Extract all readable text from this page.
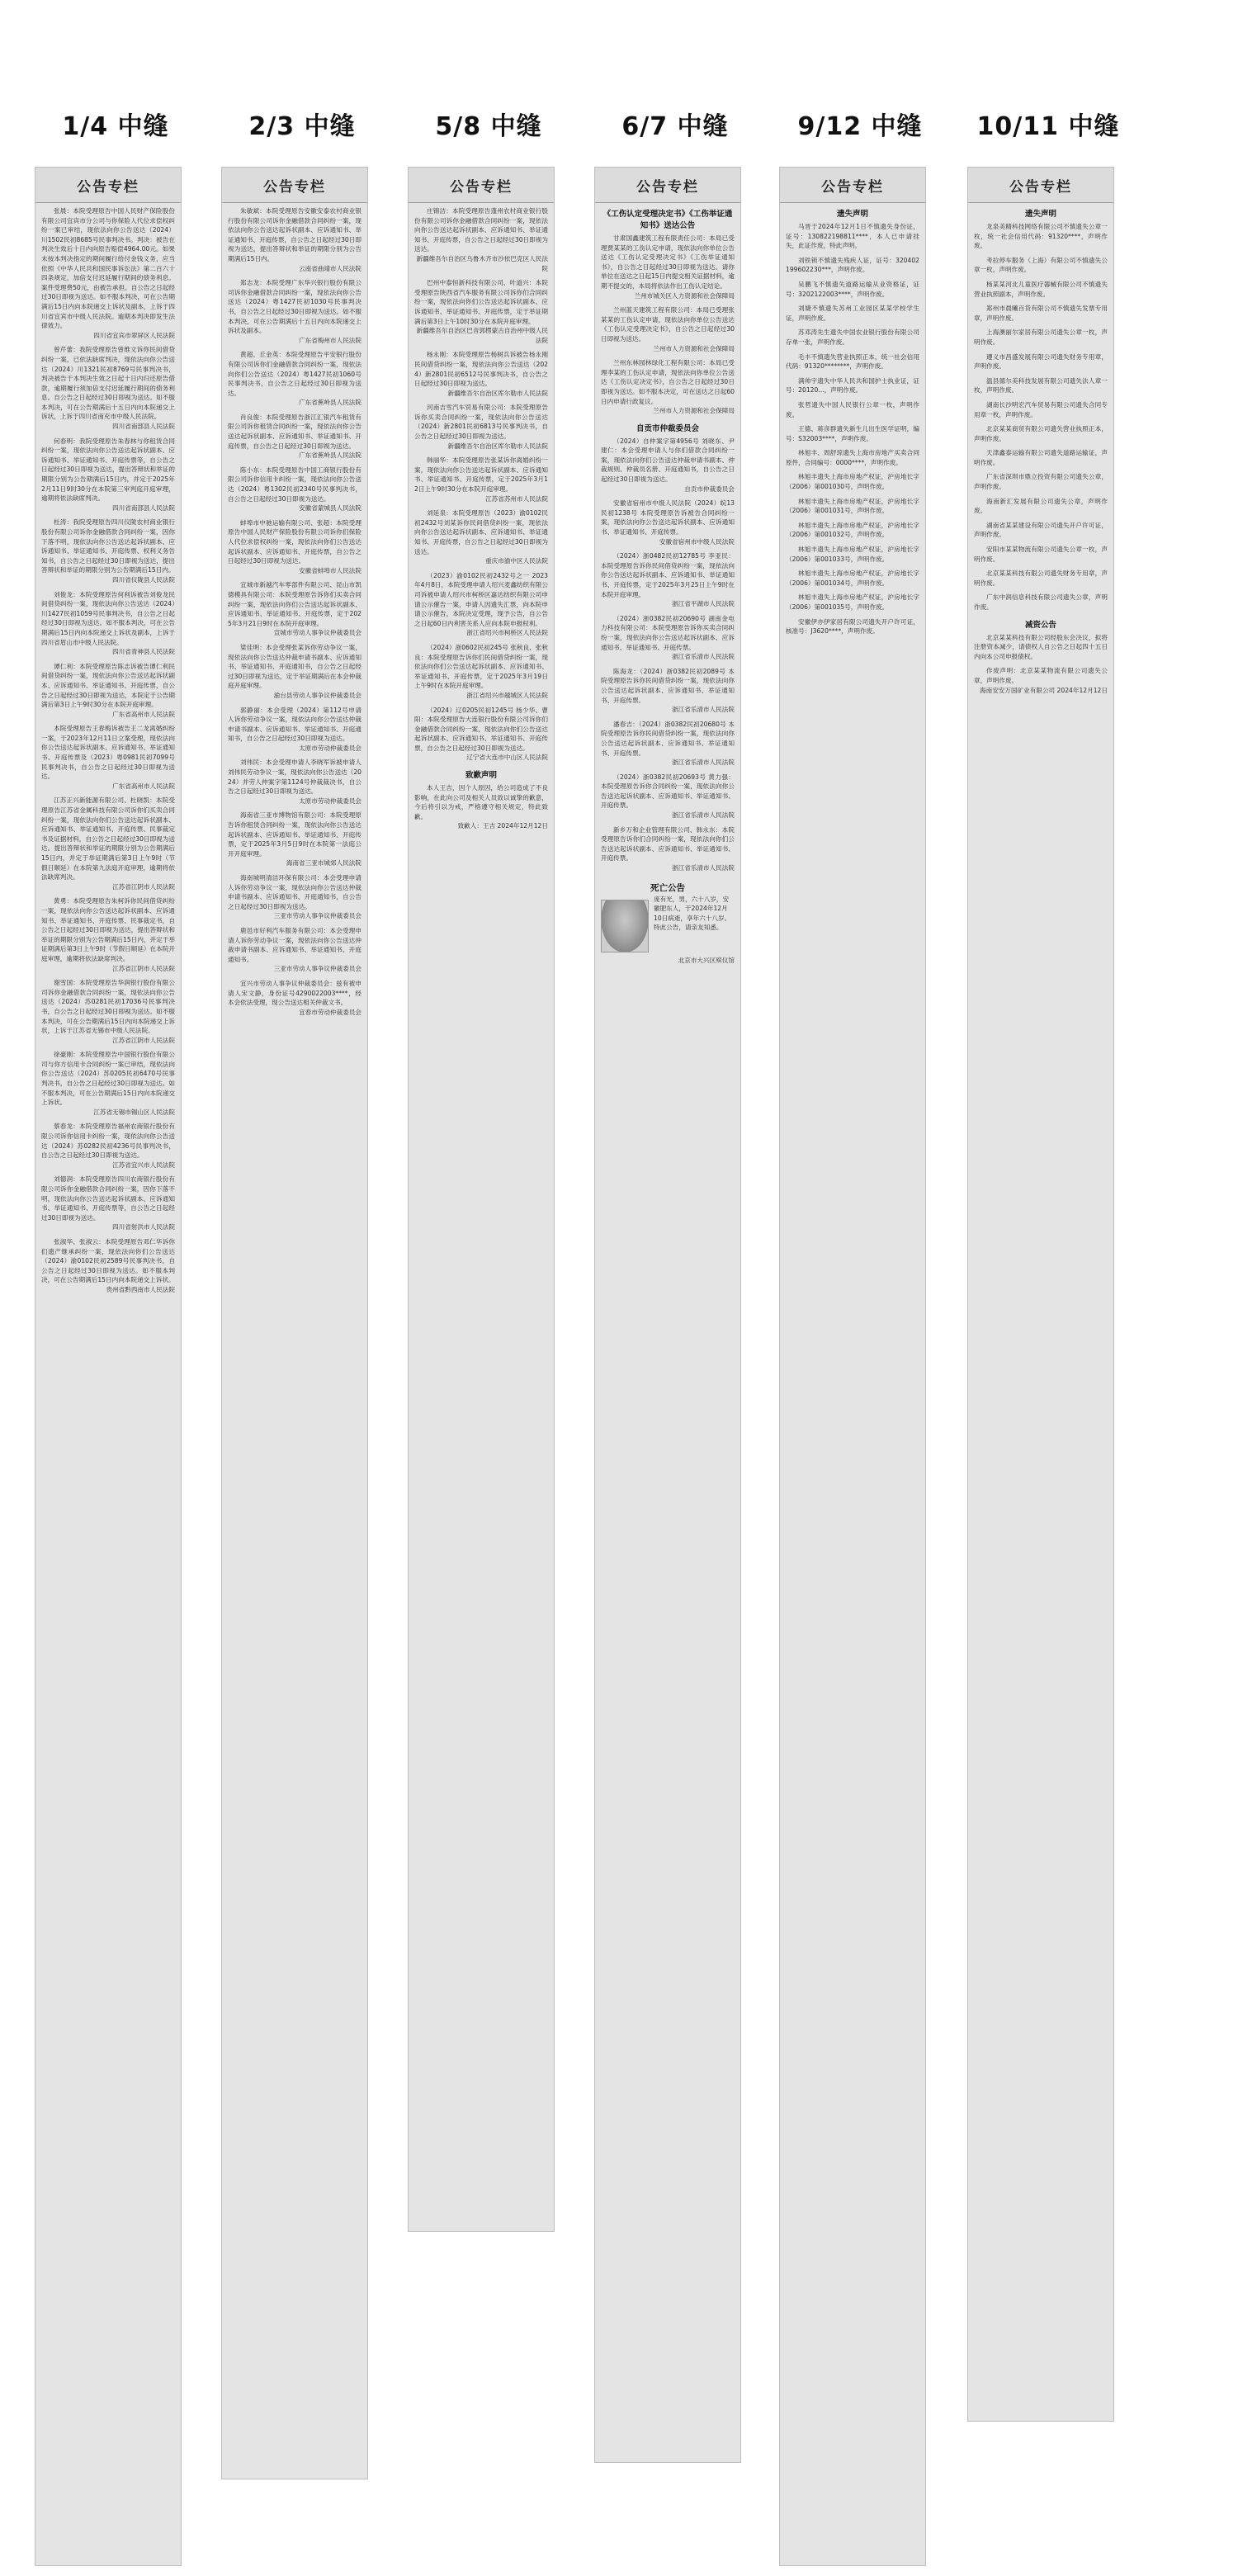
1/4 中缝
公告专栏
张晨：本院受理原告中国人民财产保险股份有限公司宜宾市分公司与你保险人代位求偿权纠纷一案已审结，现依法向你公告送达（2024）川1502民初8685号民事判决书。判决：被告在判决生效后十日内向原告赔偿4964.00元。如果未按本判决指定的期间履行给付金钱义务，应当依照《中华人民共和国民事诉讼法》第二百六十四条规定，加倍支付迟延履行期间的债务利息。案件受理费50元，由被告承担。自公告之日起经过30日即视为送达。如不服本判决，可在公告期满后15日内向本院递交上诉状及副本，上诉于四川省宜宾市中级人民法院。逾期本判决即发生法律效力。
四川省宜宾市翠屏区人民法院
曾芹蕾：我院受理原告曾维文诉你民间借贷纠纷一案，已依法缺席判决，现依法向你公告送达（2024）川1321民初8769号民事判决书，判决被告于本判决生效之日起十日内归还原告借款，逾期履行须加倍支付迟延履行期间的债务利息。自公告之日起经过30日即视为送达。如不服本判决，可在公告期满后十五日内向本院递交上诉状，上诉于四川省南充市中级人民法院。
四川省南部县人民法院
何春明：我院受理原告朱春林与你租赁合同纠纷一案，现依法向你公告送达起诉状副本、应诉通知书、举证通知书、开庭传票等，自公告之日起经过30日即视为送达，提出答辩状和举证的期限分别为公告期满后15日内，并定于2025年2月11日9时30分在本院第三审判庭开庭审理，逾期将依法缺席判决。
四川省南部县人民法院
杜涛：我院受理原告四川仪陇农村商业银行股份有限公司诉你金融借款合同纠纷一案，因你下落不明，现依法向你公告送达起诉状副本、应诉通知书、举证通知书、开庭传票、权利义务告知书，自公告之日起经过30日即视为送达，提出答辩状和举证的期限分别为公告期满后15日内。
四川省仪陇县人民法院
刘俊龙：本院受理原告何利诉被告刘俊龙民间借贷纠纷一案，现依法向你公告送达（2024）川1427民初1059号民事判决书，自公告之日起经过30日即视为送达。如不服本判决，可在公告期满后15日内向本院递交上诉状及副本，上诉于四川省眉山市中级人民法院。
四川省青神县人民法院
谭仁利：本院受理原告陈志诉被告谭仁利民间借贷纠纷一案，现依法向你公告送达起诉状副本、应诉通知书、举证通知书、开庭传票，自公告之日起经过30日即视为送达，本院定于公告期满后第3日上午9时30分在本院开庭审理。
广东省高州市人民法院
本院受理原告王春梅诉被告王二龙离婚纠纷一案，于2023年12月11日立案受理，现依法向你公告送达起诉状副本、应诉通知书、举证通知书、开庭传票及（2023）粤0981民初7099号民事判决书，自公告之日起经过30日即视为送达。
广东省高州市人民法院
江苏正兴新能源有限公司、杜晓凯：本院受理原告江苏省金属科技有限公司诉你们买卖合同纠纷一案，现依法向你们公告送达起诉状副本、应诉通知书、举证通知书、开庭传票、民事裁定书及证据材料，自公告之日起经过30日即视为送达。提出答辩状和举证的期限分别为公告期满后15日内，并定于举证期满后第3日上午9时（节假日顺延）在本院第九法庭开庭审理，逾期将依法缺席判决。
江苏省江阴市人民法院
黄勇：本院受理原告朱柯诉你民间借贷纠纷一案，现依法向你公告送达起诉状副本、应诉通知书、举证通知书、开庭传票、民事裁定书，自公告之日起经过30日即视为送达，提出答辩状和举证的期限分别为公告期满后15日内，并定于举证期满后第3日上午9时（节假日顺延）在本院开庭审理，逾期将依法缺席判决。
江苏省江阴市人民法院
谢雪国：本院受理原告华润银行股份有限公司诉你金融借款合同纠纷一案，现依法向你公告送达（2024）苏0281民初17036号民事判决书，自公告之日起经过30日即视为送达。如不服本判决，可在公告期满后15日内向本院递交上诉状，上诉于江苏省无锡市中级人民法院。
江苏省江阴市人民法院
徐豪刚：本院受理原告中国银行股份有限公司与你方信用卡合同纠纷一案已审结，现依法向你公告送达（2024）苏0205民初6470号民事判决书，自公告之日起经过30日即视为送达。如不服本判决，可在公告期满后15日内向本院递交上诉状。
江苏省无锡市锡山区人民法院
蔡春龙：本院受理原告福州农商银行股份有限公司诉你信用卡纠纷一案，现依法向你公告送达（2024）苏0282民初4236号民事判决书，自公告之日起经过30日即视为送达。
江苏省宜兴市人民法院
刘德润：本院受理原告四川农商银行股份有限公司诉你金融借款合同纠纷一案，因你下落不明，现依法向你公告送达起诉状副本、应诉通知书、举证通知书、开庭传票等，自公告之日起经过30日即视为送达。
四川省射洪市人民法院
张淑华、张淑云：本院受理原告邓仁华诉你们遗产继承纠纷一案，现依法向你们公告送达（2024）渝0102民初2589号民事判决书，自公告之日起经过30日即视为送达。如不服本判决，可在公告期满后15日内向本院递交上诉状。
贵州省黔西南市人民法院
2/3 中缝
公告专栏
朱敏斌：本院受理原告安徽安泰农村商业银行股份有限公司诉你金融借款合同纠纷一案，现依法向你公告送达起诉状副本、应诉通知书、举证通知书、开庭传票，自公告之日起经过30日即视为送达，提出答辩状和举证的期限分别为公告期满后15日内。
云南省曲靖市人民法院
郑志龙：本院受理广东华兴银行股份有限公司诉你金融借款合同纠纷一案，现依法向你公告送达（2024）粤1427民初1030号民事判决书，自公告之日起经过30日即视为送达。如不服本判决，可在公告期满后十五日内向本院递交上诉状及副本。
广东省梅州市人民法院
黄超、丘金英：本院受理原告平安银行股份有限公司诉你们金融借款合同纠纷一案，现依法向你们公告送达（2024）粤1427民初1060号民事判决书，自公告之日起经过30日即视为送达。
广东省蕉岭县人民法院
肖良俊：本院受理原告浙江汇银汽车租赁有限公司诉你租赁合同纠纷一案，现依法向你公告送达起诉状副本、应诉通知书、举证通知书、开庭传票，自公告之日起经过30日即视为送达。
广东省蕉岭县人民法院
陈小东：本院受理原告中国工商银行股份有限公司诉你信用卡纠纷一案，现依法向你公告送达（2024）粤1302民初2340号民事判决书，自公告之日起经过30日即视为送达。
安徽省蒙城县人民法院
蚌埠市中驰运输有限公司、张超：本院受理原告中国人民财产保险股份有限公司诉你们保险人代位求偿权纠纷一案，现依法向你们公告送达起诉状副本、应诉通知书、开庭传票，自公告之日起经过30日即视为送达。
安徽省蚌埠市人民法院
宜城市新越汽车零部件有限公司、昆山市凯德模具有限公司：本院受理原告诉你们买卖合同纠纷一案，现依法向你们公告送达起诉状副本、应诉通知书、举证通知书、开庭传票，定于2025年3月21日9时在本院开庭审理。
宣城市劳动人事争议仲裁委员会
梁佳明：本会受理张某诉你劳动争议一案，现依法向你公告送达仲裁申请书副本、应诉通知书、举证通知书、开庭通知书，自公告之日起经过30日即视为送达，定于举证期满后在本会仲裁庭开庭审理。
渝台县劳动人事争议仲裁委员会
郭静丽：本会受理（2024）第112号申请人诉你劳动争议一案，现依法向你公告送达仲裁申请书副本、应诉通知书、举证通知书、开庭通知书，自公告之日起经过30日即视为送达。
太原市劳动仲裁委员会
刘伟民：本会受理申请人李晓军诉被申请人刘伟民劳动争议一案，现依法向你公告送达（2024）并劳人仲案字第1124号仲裁裁决书，自公告之日起经过30日即视为送达。
太原市劳动仲裁委员会
海南省三亚市博物馆有限公司：本院受理原告诉你租赁合同纠纷一案，现依法向你公告送达起诉状副本、应诉通知书、举证通知书、开庭传票，定于2025年3月5日9时在本院第一法庭公开开庭审理。
海南省三亚市城郊人民法院
海南城明清洁环保有限公司：本会受理申请人诉你劳动争议一案，现依法向你公告送达仲裁申请书副本、应诉通知书、开庭通知书，自公告之日起经过30日即视为送达。
三亚市劳动人事争议仲裁委员会
鹿邑市好利汽车服务有限公司：本会受理申请人诉你劳动争议一案，现依法向你公告送达仲裁申请书副本、应诉通知书、举证通知书、开庭通知书。
三亚市劳动人事争议仲裁委员会
宜兴市劳动人事争议仲裁委员会：兹有被申请人宋文静，身份证号4290022003****，经本会依法受理，现公告送达相关仲裁文书。
宜春市劳动仲裁委员会
5/8 中缝
公告专栏
庄锦洁：本院受理原告蓬州农村商业银行股份有限公司诉你金融借款合同纠纷一案，现依法向你公告送达起诉状副本、应诉通知书、举证通知书、开庭传票，自公告之日起经过30日即视为送达。
新疆维吾尔自治区乌鲁木齐市沙依巴克区人民法院
巴州中泰恒新科技有限公司、叶道兴：本院受理原告陕西省汽车服务有限公司诉你们合同纠纷一案，现依法向你们公告送达起诉状副本、应诉通知书、举证通知书、开庭传票，定于举证期满后第3日上午10时30分在本院开庭审理。
新疆维吾尔自治区巴音郭楞蒙古自治州中级人民法院
杨永刚：本院受理原告杨树兵诉被告杨永刚民间借贷纠纷一案，现依法向你公告送达（2024）新2801民初6512号民事判决书，自公告之日起经过30日即视为送达。
新疆维吾尔自治区库尔勒市人民法院
河南吉雪汽车贸易有限公司：本院受理原告诉你买卖合同纠纷一案，现依法向你公告送达（2024）新2801民初6813号民事判决书，自公告之日起经过30日即视为送达。
新疆维吾尔自治区库尔勒市人民法院
韩丽华：本院受理原告张某诉你离婚纠纷一案，现依法向你公告送达起诉状副本、应诉通知书、举证通知书、开庭传票，定于2025年3月12日上午9时30分在本院开庭审理。
江苏省苏州市人民法院
刘延泉：本院受理原告（2023）渝0102民初2432号刘某诉你民间借贷纠纷一案，现依法向你公告送达起诉状副本、应诉通知书、举证通知书、开庭传票，自公告之日起经过30日即视为送达。
重庆市渝中区人民法院
（2023）渝0102民初2432号之一 2023年4月8日，本院受理申请人绍兴麦鑫纺织有限公司诉被申请人绍兴市柯桥区嘉达纺织有限公司申请公示催告一案，申请人因遗失汇票，向本院申请公示催告，本院决定受理，现予公告，自公告之日起60日内利害关系人应向本院申报权利。
浙江省绍兴市柯桥区人民法院
（2024）浙0602民初245号 张秋良、张秋良：本院受理原告诉你们民间借贷纠纷一案，现依法向你们公告送达起诉状副本、应诉通知书、举证通知书、开庭传票，定于2025年3月19日上午9时在本院开庭审理。
浙江省绍兴市越城区人民法院
（2024）辽0205民初1245号 杨少华、曹阳：本院受理原告大连银行股份有限公司诉你们金融借款合同纠纷一案，现依法向你们公告送达起诉状副本、应诉通知书、举证通知书、开庭传票，自公告之日起经过30日即视为送达。
辽宁省大连市中山区人民法院
致歉声明
本人王吉，因个人原因，给公司造成了不良影响，在此向公司及相关人员致以诚挚的歉意，今后将引以为戒，严格遵守相关规定，特此致歉。
致歉人：王吉 2024年12月12日
6/7 中缝
公告专栏
《工伤认定受理决定书》《工伤举证通知书》送达公告
甘肃国鑫建筑工程有限责任公司：本局已受理贾某某的工伤认定申请，现依法向你单位公告送达《工伤认定受理决定书》《工伤举证通知书》，自公告之日起经过30日即视为送达。请你单位在送达之日起15日内提交相关证据材料，逾期不提交的，本局将依法作出工伤认定结论。
兰州市城关区人力资源和社会保障局
兰州蓝天建筑工程有限公司：本局已受理张某某的工伤认定申请，现依法向你单位公告送达《工伤认定受理决定书》，自公告之日起经过30日即视为送达。
兰州市人力资源和社会保障局
兰州东林园林绿化工程有限公司：本局已受理李某的工伤认定申请，现依法向你单位公告送达《工伤认定决定书》，自公告之日起经过30日即视为送达。如不服本决定，可在送达之日起60日内申请行政复议。
兰州市人力资源和社会保障局
自贡市仲裁委员会
（2024）自仲案字第4956号 刘晓东、尹建仁：本会受理申请人与你们借款合同纠纷一案，现依法向你们公告送达仲裁申请书副本、仲裁规则、仲裁员名册、开庭通知书，自公告之日起经过30日即视为送达。
自贡市仲裁委员会
安徽省宿州市中级人民法院（2024）皖13民初1238号 本院受理原告诉被告合同纠纷一案，现依法向你公告送达起诉状副本、应诉通知书、举证通知书、开庭传票。
安徽省宿州市中级人民法院
（2024）浙0482民初12785号 李亚民：本院受理原告诉你民间借贷纠纷一案，现依法向你公告送达起诉状副本、应诉通知书、举证通知书、开庭传票，定于2025年3月25日上午9时在本院开庭审理。
浙江省平湖市人民法院
（2024）浙0382民初20690号 湖南金电力科技有限公司：本院受理原告诉你买卖合同纠纷一案，现依法向你公告送达起诉状副本、应诉通知书、举证通知书、开庭传票。
浙江省乐清市人民法院
陈海龙：（2024）浙0382民初2089号 本院受理原告诉你民间借贷纠纷一案，现依法向你公告送达起诉状副本、应诉通知书、举证通知书、开庭传票。
浙江省乐清市人民法院
潘春吉：（2024）浙0382民初20680号 本院受理原告诉你民间借贷纠纷一案，现依法向你公告送达起诉状副本、应诉通知书、举证通知书、开庭传票。
浙江省乐清市人民法院
（2024）浙0382民初20693号 黄力强：本院受理原告诉你合同纠纷一案，现依法向你公告送达起诉状副本、应诉通知书、举证通知书、开庭传票。
浙江省乐清市人民法院
新乡万和企业管理有限公司、韩永东：本院受理原告诉你们合同纠纷一案，现依法向你们公告送达起诉状副本、应诉通知书、举证通知书、开庭传票。
浙江省乐清市人民法院
死亡公告
庞有光，男，六十八岁，安徽肥东人，于2024年12月10日病逝，享年六十八岁。特此公告，请亲友知悉。
北京市大兴区殡仪馆
9/12 中缝
公告专栏
遗失声明
马晋于2024年12月1日不慎遗失身份证，证号：130822198811****，本人已申请挂失，此证作废，特此声明。
刘铁锁不慎遗失残疾人证，证号：320402199602230***，声明作废。
吴鹏飞不慎遗失道路运输从业资格证，证号：3202122003****，声明作废。
刘婕不慎遗失苏州工业园区某某学校学生证，声明作废。
苏邓涛先生遗失中国农业银行股份有限公司存单一张，声明作废。
毛丰不慎遗失营业执照正本，统一社会信用代码：91320********，声明作废。
满帅宇遗失中华人民共和国护士执业证，证号：20120...，声明作废。
张哲遗失中国人民银行公章一枚，声明作废。
王德、蒋彦群遗失新生儿出生医学证明，编号：S32003****，声明作废。
林旭丰、周舒琼遗失上海市房地产买卖合同原件，合同编号：0000****，声明作废。
林旭丰遗失上海市房地产权证，沪房地长字（2006）第001030号，声明作废。
林旭丰遗失上海市房地产权证，沪房地长字（2006）第001031号，声明作废。
林旭丰遗失上海市房地产权证，沪房地长字（2006）第001032号，声明作废。
林旭丰遗失上海市房地产权证，沪房地长字（2006）第001033号，声明作废。
林旭丰遗失上海市房地产权证，沪房地长字（2006）第001034号，声明作废。
林旭丰遗失上海市房地产权证，沪房地长字（2006）第001035号，声明作废。
安徽伊亦伊家居有限公司遗失开户许可证，核准号：J3620****，声明作废。
10/11 中缝
公告专栏
遗失声明
龙泉美精科技网络有限公司不慎遗失公章一枚，统一社会信用代码：91320****，声明作废。
考拉停车服务（上海）有限公司不慎遗失公章一枚，声明作废。
杨某某河北儿童医疗器械有限公司不慎遗失营业执照副本，声明作废。
郑州市晨曦百货有限公司不慎遗失发票专用章，声明作废。
上海澳丽尔家居有限公司遗失公章一枚，声明作废。
遵义市昌盛发展有限公司遗失财务专用章，声明作废。
温县德尔美科技发展有限公司遗失法人章一枚，声明作废。
湖南长沙明宏汽车贸易有限公司遗失合同专用章一枚，声明作废。
北京某某商贸有限公司遗失营业执照正本，声明作废。
天津鑫泰运输有限公司遗失道路运输证，声明作废。
广东省深圳市鼎立投资有限公司遗失公章，声明作废。
海南新汇发展有限公司遗失公章，声明作废。
湖南省某某建设有限公司遗失开户许可证，声明作废。
安阳市某某物流有限公司遗失公章一枚，声明作废。
北京某某科技有限公司遗失财务专用章，声明作废。
广东中润信息科技有限公司遗失公章，声明作废。
减资公告
北京某某科技有限公司经股东会决议，拟将注册资本减少，请债权人自公告之日起四十五日内向本公司申报债权。
作废声明：北京某某物流有限公司遗失公章，声明作废。
海南安安万国矿业有限公司 2024年12月12日
